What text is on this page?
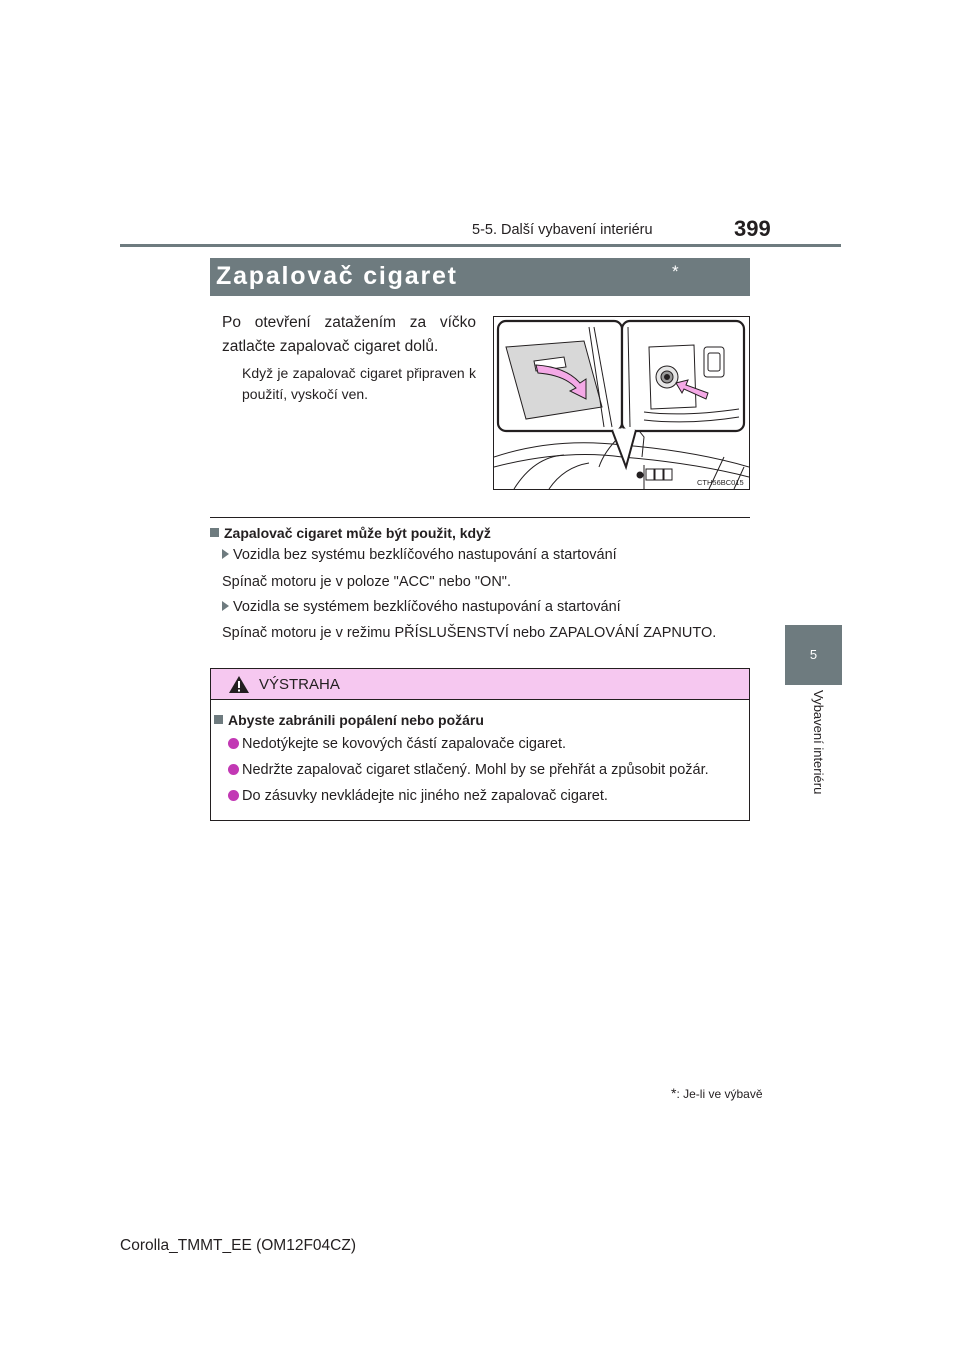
5-5. Další vybavení interiéru	399
5
Vybavení interiéru
Zapalovač cigaret	*

Po otevření zatažením za víčko zatlačte zapalovač cigaret dolů.

Když je zapalovač cigaret připraven k použití, vyskočí ven.

CTH56BC015
Zapalovač cigaret může být použit, když
Vozidla bez systému bezklíčového nastupování a startování
Spínač motoru je v poloze "ACC" nebo "ON".
Vozidla se systémem bezklíčového nastupování a startování
Spínač motoru je v režimu PŘÍSLUŠENSTVÍ nebo ZAPALOVÁNÍ ZAPNUTO.
VÝSTRAHA
Abyste zabránili popálení nebo požáru
Nedotýkejte se kovových částí zapalovače cigaret.
Nedržte zapalovač cigaret stlačený. Mohl by se přehřát a způsobit požár.
Do zásuvky nevkládejte nic jiného než zapalovač cigaret.
*: Je-li ve výbavě
Corolla_TMMT_EE (OM12F04CZ)
